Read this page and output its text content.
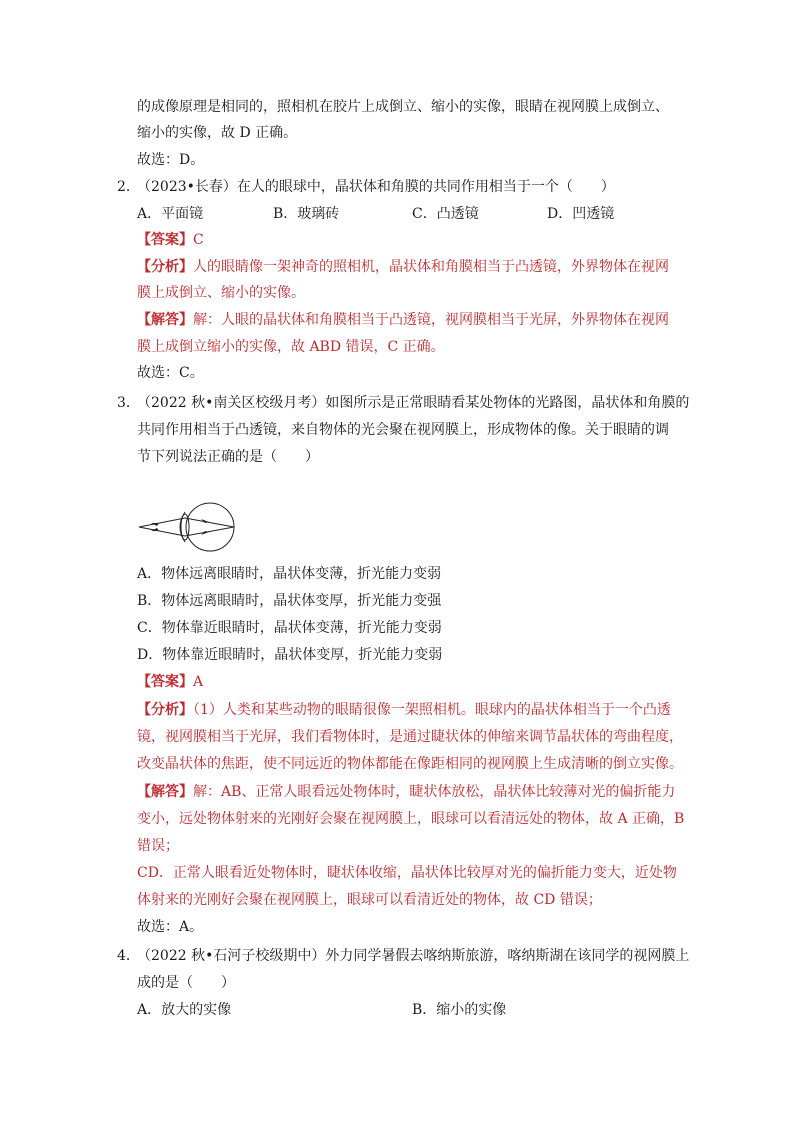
的成像原理是相同的，照相机在胶片上成倒立、缩小的实像，眼睛在视网膜上成倒立、
缩小的实像，故 D 正确。
故选：D。
2．
（2023•长春）在人的眼球中，晶状体和角膜的共同作用相当于一个（　　）
A．平面镜	B．玻璃砖	C．凸透镜	D．凹透镜
【答案】C
【分析】人的眼睛像一架神奇的照相机，晶状体和角膜相当于凸透镜，外界物体在视网
膜上成倒立、缩小的实像。
【解答】解：人眼的晶状体和角膜相当于凸透镜，视网膜相当于光屏，外界物体在视网
膜上成倒立缩小的实像，故 ABD 错误，C 正确。
故选：C。
3．
（2022 秋•南关区校级月考）如图所示是正常眼睛看某处物体的光路图，晶状体和角膜的
共同作用相当于凸透镜，来自物体的光会聚在视网膜上，形成物体的像。关于眼睛的调
节下列说法正确的是（　　）
A．物体远离眼睛时，晶状体变薄，折光能力变弱
B．物体远离眼睛时，晶状体变厚，折光能力变强
C．物体靠近眼睛时，晶状体变薄，折光能力变弱
D．物体靠近眼睛时，晶状体变厚，折光能力变弱
【答案】A
【分析】（1）人类和某些动物的眼睛很像一架照相机。眼球内的晶状体相当于一个凸透
镜，视网膜相当于光屏，我们看物体时，是通过睫状体的伸缩来调节晶状体的弯曲程度，
改变晶状体的焦距，使不同远近的物体都能在像距相同的视网膜上生成清晰的倒立实像。
【解答】解：AB、正常人眼看远处物体时，睫状体放松，晶状体比较薄对光的偏折能力
变小，远处物体射来的光刚好会聚在视网膜上，眼球可以看清远处的物体，故 A 正确，B
错误；
CD．正常人眼看近处物体时，睫状体收缩，晶状体比较厚对光的偏折能力变大，近处物
体射来的光刚好会聚在视网膜上，眼球可以看清近处的物体，故 CD 错误；
故选：A。
4．
（2022 秋•石河子校级期中）外力同学暑假去喀纳斯旅游，喀纳斯湖在该同学的视网膜上
成的是（　　）
A．放大的实像	B．缩小的实像
